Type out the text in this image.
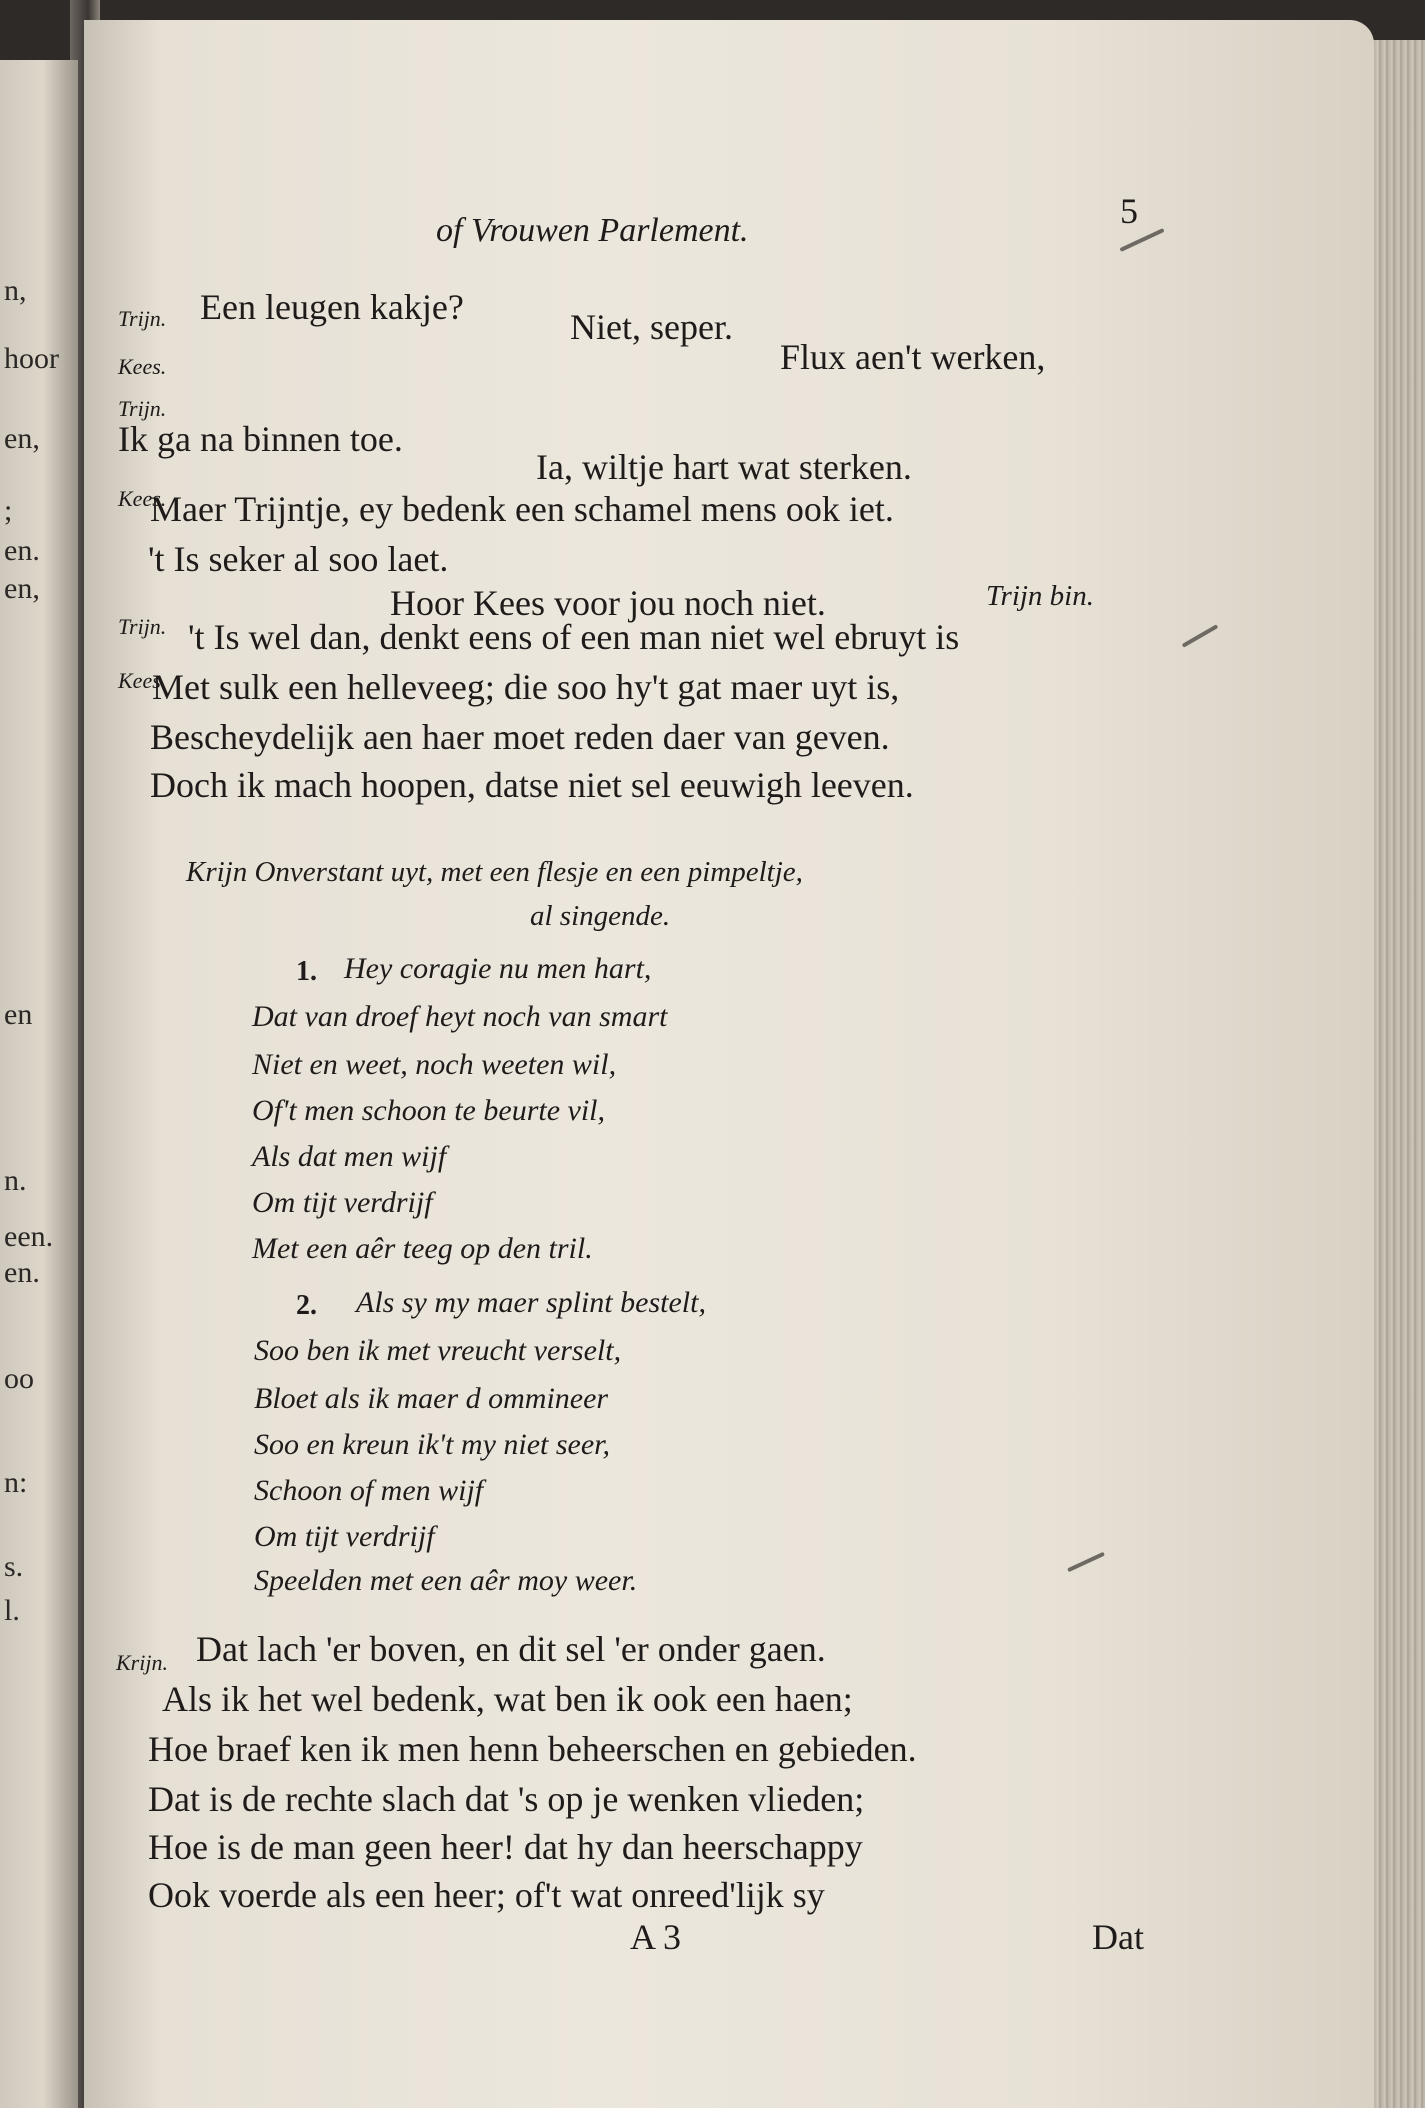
n,
hoor
en,
;
en.
en,
en
n.
een.
en.
oo
n:
s.
l.

of Vrouwen Parlement.	5

Trijn. Een leugen kakje?	Niet, seper.

Kees.	Flux aen't werken,

Trijn.

Ik ga na binnen toe.

Ia, wiltje hart wat sterken.

Kees.

Maer Trijntje, ey bedenk een schamel mens ook iet.

't Is seker al soo laet.

Hoor Kees voor jou noch niet.	Trijn bin.

Trijn.

Kees.

't Is wel dan, denkt eens of een man niet wel ebruyt is

Met sulk een helleveeg; die soo hy't gat maer uyt is,

Bescheydelijk aen haer moet reden daer van geven.

Doch ik mach hoopen, datse niet sel eeuwigh leeven.

Krijn Onverstant uyt, met een flesje en een pimpeltje,

al singende.

1. Hey coragie nu men hart,

Dat van droef heyt noch van smart

Niet en weet, noch weeten wil,

Of't men schoon te beurte vil,

Als dat men wijf

Om tijt verdrijf

Met een aêr teeg op den tril.

2. Als sy my maer splint bestelt,

Soo ben ik met vreucht verselt,

Bloet als ik maer d ommineer

Soo en kreun ik't my niet seer,

Schoon of men wijf

Om tijt verdrijf

Speelden met een aêr moy weer.

Krijn. Dat lach 'er boven, en dit sel 'er onder gaen.

Als ik het wel bedenk, wat ben ik ook een haen;

Hoe braef ken ik men henn beheerschen en gebieden.

Dat is de rechte slach dat 's op je wenken vlieden;

Hoe is de man geen heer! dat hy dan heerschappy

Ook voerde als een heer; of't wat onreed'lijk sy

A 3	Dat
